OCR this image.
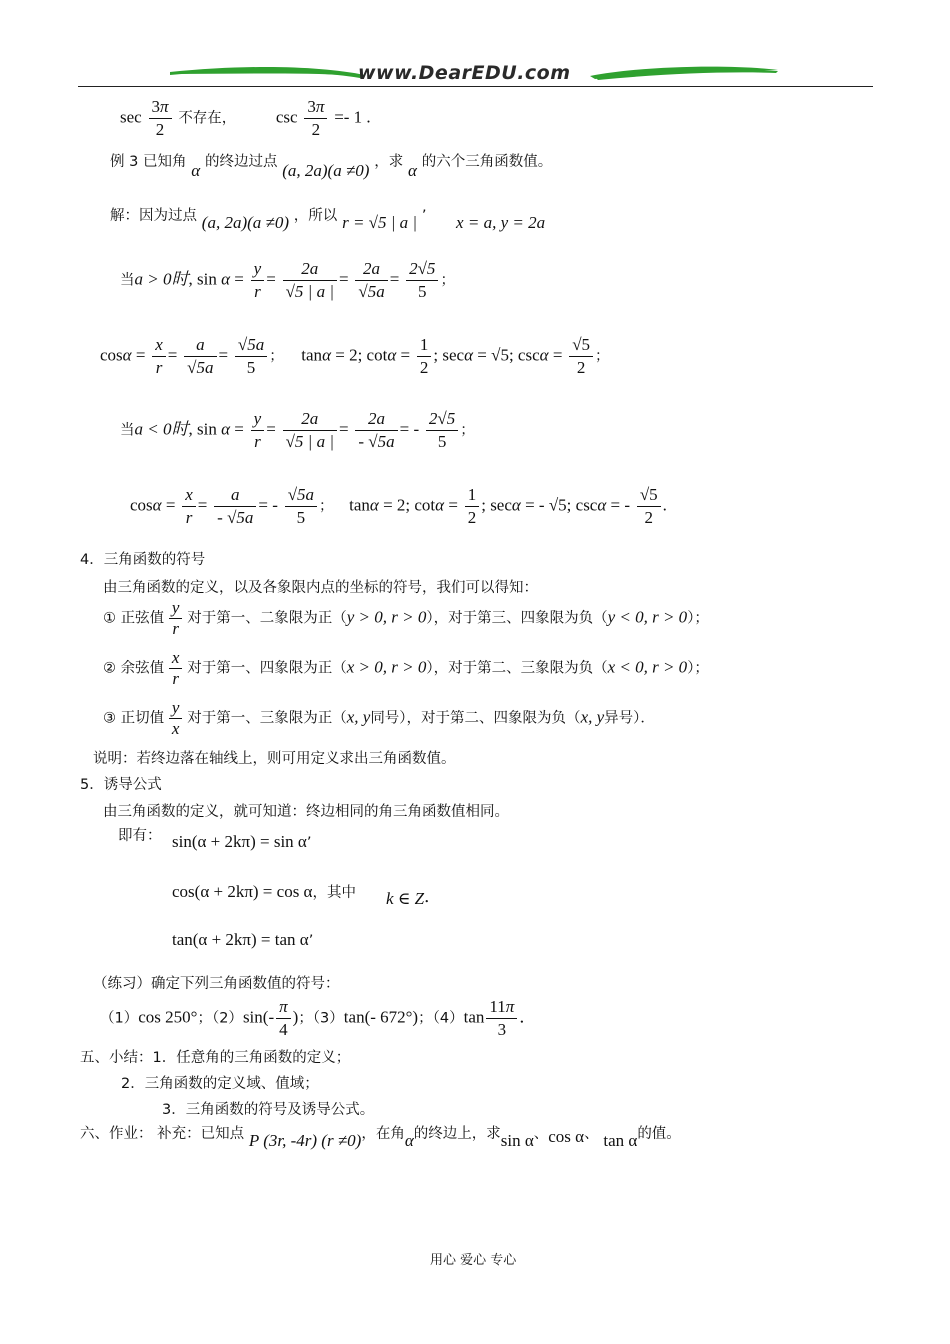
www.DearEDU.com
$\sec \frac{3\pi}{2}$ 不存在， $\csc \frac{3\pi}{2} =- 1$ .
例 3 已知角 α 的终边过点 (a, 2a)(a ≠0) ，求 α 的六个三角函数值。
解：因为过点 (a, 2a)(a ≠0) ，所以 r = √5 | a | ’ x = a, y = 2a
当a > 0时, $\sin \alpha = \frac{y}{r} = \frac{2a}{√5 | a |} = \frac{2a}{√5a} = \frac{2√5}{5}$ ；
$\cos\alpha = \frac{x}{r} = \frac{a}{√5a} = \frac{√5a}{5}$ ； tanα = 2; $\cot\alpha = \frac{1}{2}$ ; secα = √5; $\csc\alpha = \frac{√5}{2}$ ；
当a < 0时, $\sin \alpha = \frac{y}{r} = \frac{2a}{√5 | a |} = \frac{2a}{- √5a}$ = - $\frac{2√5}{5}$ ；
$\cos\alpha = \frac{x}{r} = \frac{a}{- √5a}$ = - $\frac{√5a}{5}$ ； tanα = 2; $\cot\alpha = \frac{1}{2}$ ; secα = - √5; cscα = - $\frac{√5}{2}$ .
4．三角函数的符号
由三角函数的定义，以及各象限内点的坐标的符号，我们可以得知：
① 正弦值 $\frac{y}{r}$ 对于第一、二象限为正（y > 0, r > 0），对于第三、四象限为负（y < 0, r > 0）；
② 余弦值 $\frac{x}{r}$ 对于第一、四象限为正（x > 0, r > 0），对于第二、三象限为负（x < 0, r > 0）；
③ 正切值 $\frac{y}{x}$ 对于第一、三象限为正（x, y同号），对于第二、四象限为负（x, y异号）．
说明：若终边落在轴线上，则可用定义求出三角函数值。
5．诱导公式
由三角函数的定义，就可知道：终边相同的角三角函数值相同。
即有： sin(α + 2kπ) = sin α’
cos(α + 2kπ) = cos α，其中 k ∈ Z．
tan(α + 2kπ) = tan α’
（练习）确定下列三角函数值的符号：
（1）cos 250°；$(2)\sin(- \frac{\pi}{4}$ )；（3）tan(- 672°)；$(4)\tan \frac{11\pi}{3}$ ．
五、小结：1．任意角的三角函数的定义；
2．三角函数的定义域、值域；
3．三角函数的符号及诱导公式。
六、作业： 补充：已知点 P (3r, -4r) (r ≠0)，在角α的终边上，求sin α、cos α、 tan α的值。
用心 爱心 专心
